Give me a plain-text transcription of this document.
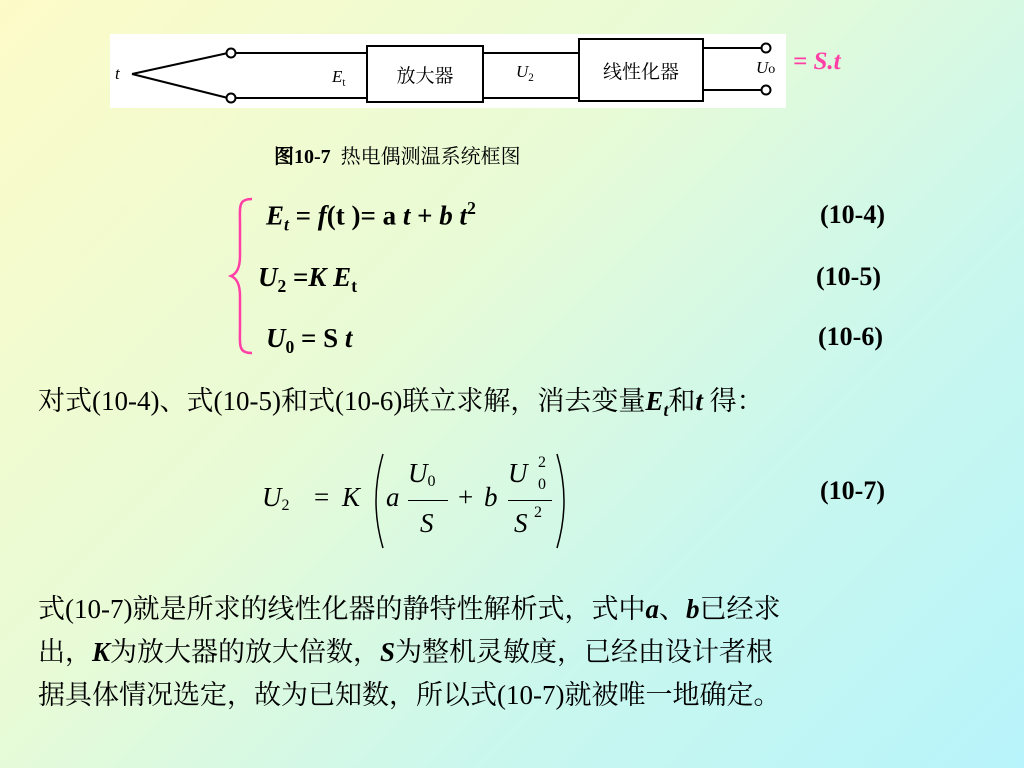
t	$E_t$	放大器	$U_2$	线性化器	Uo = S.t
图10-7 热电偶测温系统框图
$E_t = f(t$ )= a t + b $t^2$	(10-4)
$U_2 =K$ $E_t$	(10-5)
$U_0 = S$ t	(10-6)
对式(10-4)、式(10-5)和式(10-6)联立求解，消去变量$E_t$和t 得：
U2 = K a
U0
S
+ b
U 2
0
S 2
(10-7)
式(10-7)就是所求的线性化器的静特性解析式，式中a、b已经求
出，K为放大器的放大倍数，S为整机灵敏度，已经由设计者根
据具体情况选定，故为已知数，所以式(10-7)就被唯一地确定。
